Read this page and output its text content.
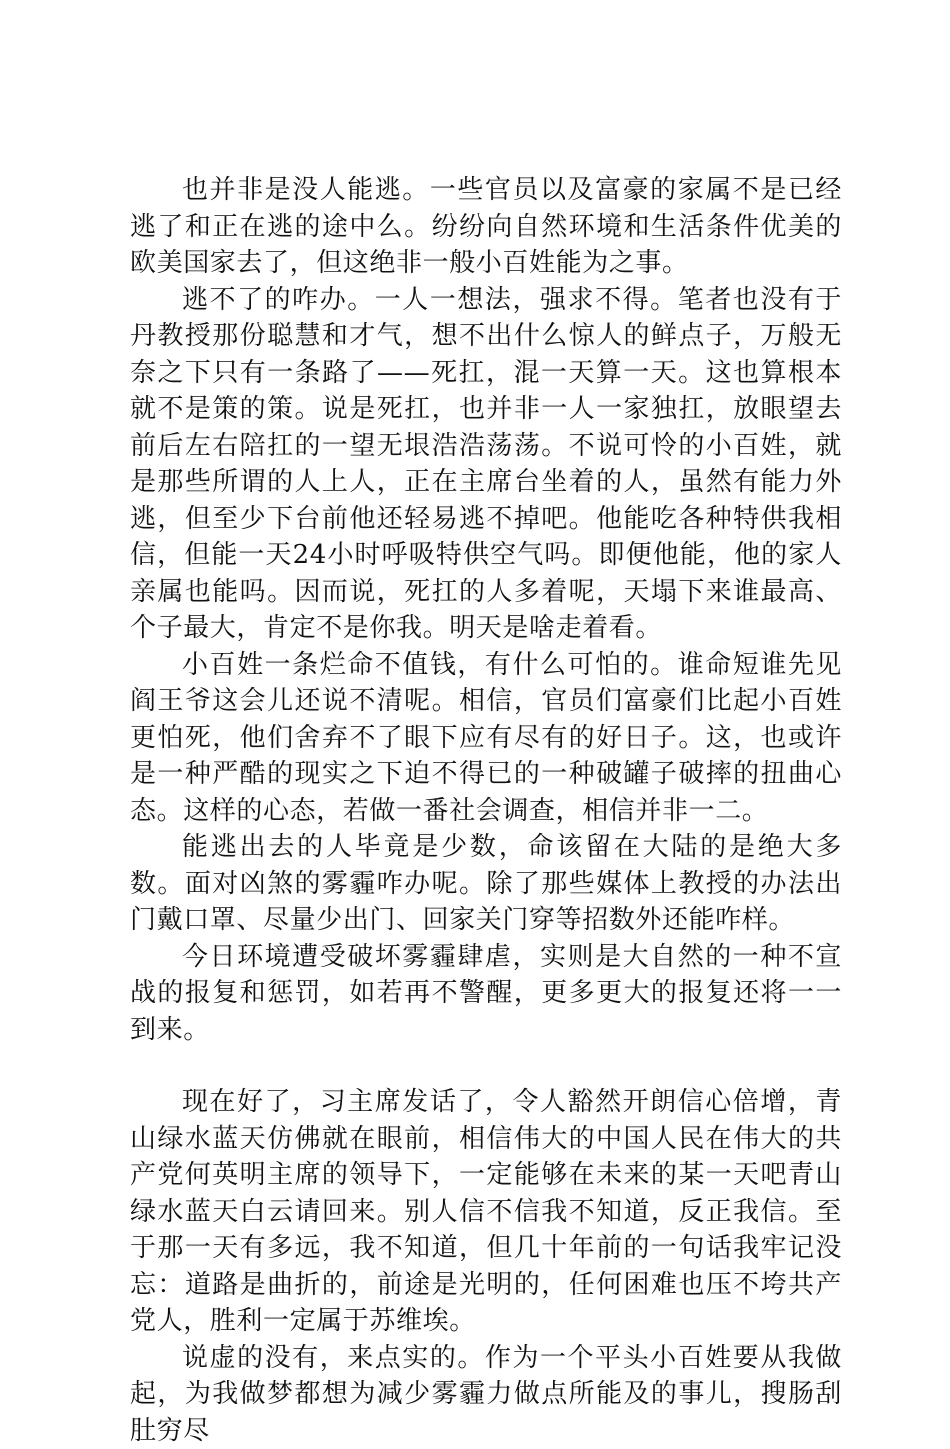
也并非是没人能逃。一些官员以及富豪的家属不是已经逃了和正在逃的途中么。纷纷向自然环境和生活条件优美的欧美国家去了，但这绝非一般小百姓能为之事。

逃不了的咋办。一人一想法，强求不得。笔者也没有于丹教授那份聪慧和才气，想不出什么惊人的鲜点子，万般无奈之下只有一条路了——死扛，混一天算一天。这也算根本就不是策的策。说是死扛，也并非一人一家独扛，放眼望去前后左右陪扛的一望无垠浩浩荡荡。不说可怜的小百姓，就是那些所谓的人上人，正在主席台坐着的人，虽然有能力外逃，但至少下台前他还轻易逃不掉吧。他能吃各种特供我相信，但能一天24小时呼吸特供空气吗。即便他能，他的家人亲属也能吗。因而说，死扛的人多着呢，天塌下来谁最高、个子最大，肯定不是你我。明天是啥走着看。

小百姓一条烂命不值钱，有什么可怕的。谁命短谁先见阎王爷这会儿还说不清呢。相信，官员们富豪们比起小百姓更怕死，他们舍弃不了眼下应有尽有的好日子。这，也或许是一种严酷的现实之下迫不得已的一种破罐子破摔的扭曲心态。这样的心态，若做一番社会调查，相信并非一二。

能逃出去的人毕竟是少数，命该留在大陆的是绝大多数。面对凶煞的雾霾咋办呢。除了那些媒体上教授的办法出门戴口罩、尽量少出门、回家关门穿等招数外还能咋样。

今日环境遭受破坏雾霾肆虐，实则是大自然的一种不宣战的报复和惩罚，如若再不警醒，更多更大的报复还将一一到来。

现在好了，习主席发话了，令人豁然开朗信心倍增，青山绿水蓝天仿佛就在眼前，相信伟大的中国人民在伟大的共产党何英明主席的领导下，一定能够在未来的某一天吧青山绿水蓝天白云请回来。别人信不信我不知道，反正我信。至于那一天有多远，我不知道，但几十年前的一句话我牢记没忘：道路是曲折的，前途是光明的，任何困难也压不垮共产党人，胜利一定属于苏维埃。

说虚的没有，来点实的。作为一个平头小百姓要从我做起，为我做梦都想为减少雾霾力做点所能及的事儿，搜肠刮肚穷尽
